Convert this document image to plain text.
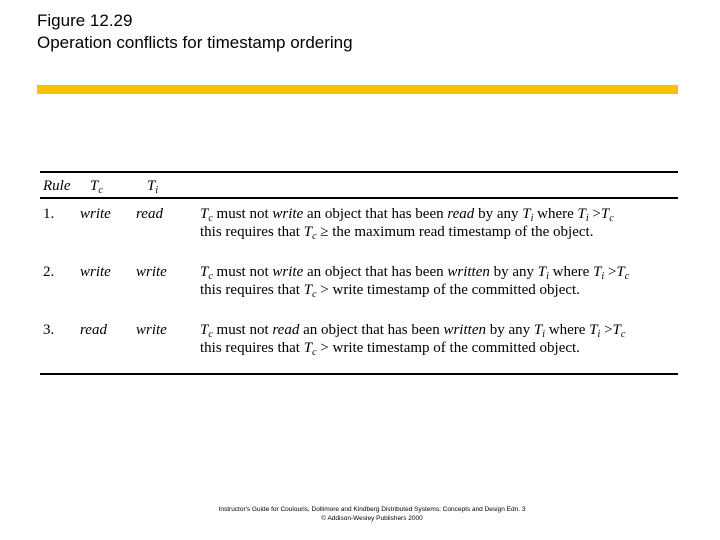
Figure 12.29
Operation conflicts for timestamp ordering
Rule $T_c$	$T_i$
1. write read $T_c$ must not write an object that has been read by any $T_i$ where $T_i >T_c$
this requires that $T_c$ ≥ the maximum read timestamp of the object.
2. write write $T_c$ must not write an object that has been written by any $T_i$ where $T_i >T_c$
this requires that $T_c$ > write timestamp of the committed object.
3. read write $T_c$ must not read an object that has been written by any $T_i$ where $T_i >T_c$
this requires that $T_c$ > write timestamp of the committed object.
Instructor's Guide for Coulouris, Dollimore and Kindberg Distributed Systems: Concepts and Design Edn. 3
© Addison-Wesley Publishers 2000
